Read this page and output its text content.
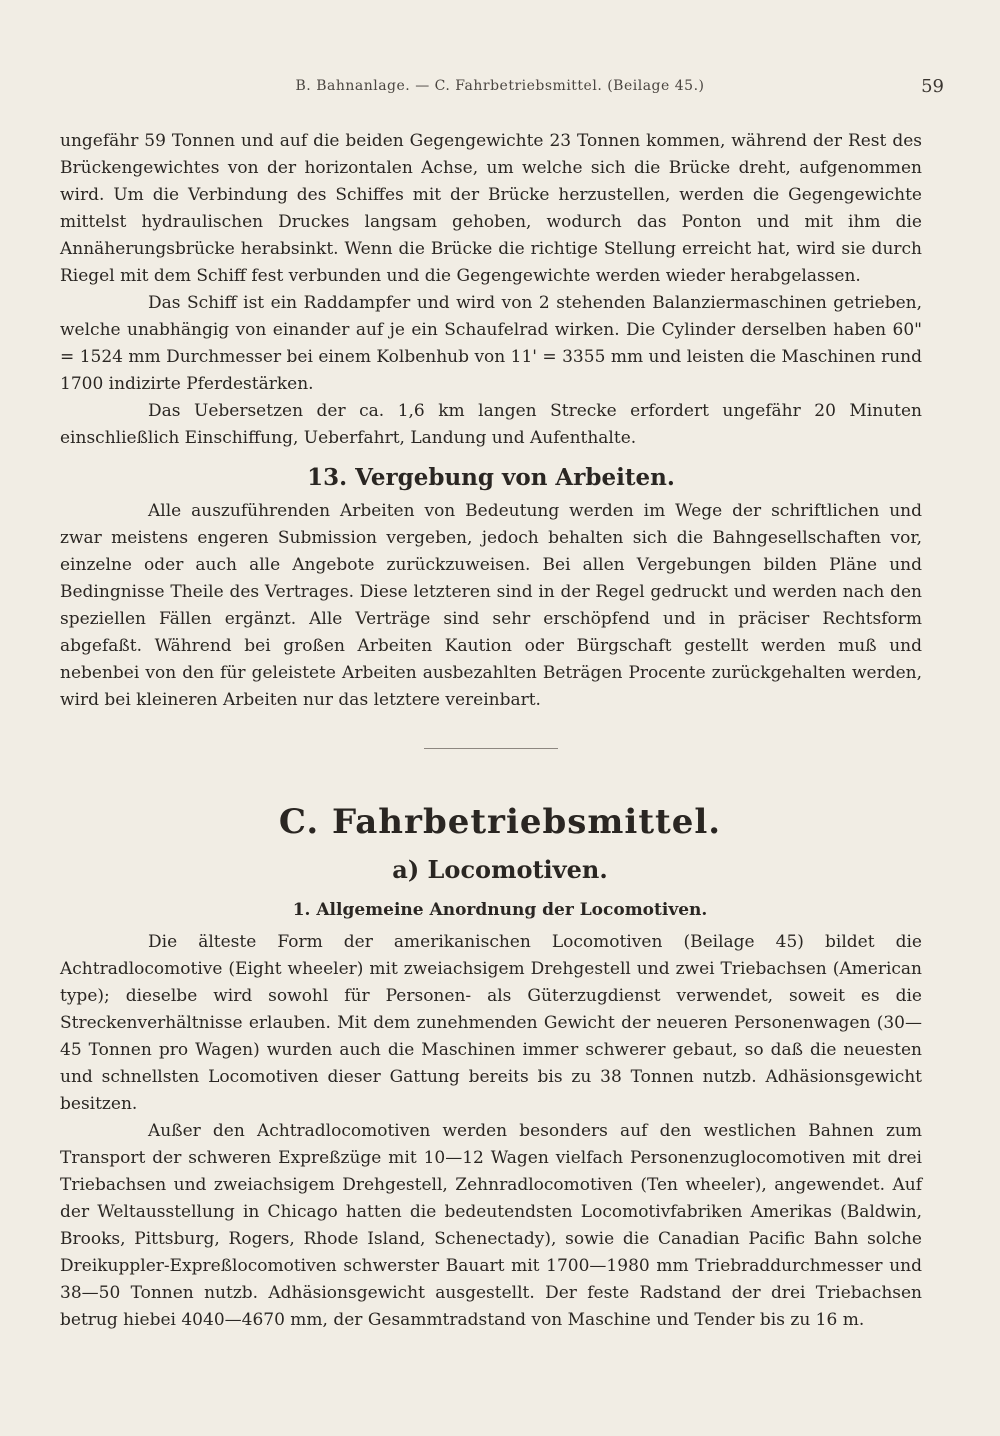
B. Bahnanlage. — C. Fahrbetriebsmittel. (Beilage 45.)	59

ungefähr 59 Tonnen und auf die beiden Gegengewichte 23 Tonnen kommen, während der Rest des Brückengewichtes von der horizontalen Achse, um welche sich die Brücke dreht, aufgenommen wird. Um die Verbindung des Schiffes mit der Brücke herzustellen, werden die Gegengewichte mittelst hydraulischen Druckes langsam gehoben, wodurch das Ponton und mit ihm die Annäherungsbrücke herabsinkt. Wenn die Brücke die richtige Stellung erreicht hat, wird sie durch Riegel mit dem Schiff fest verbunden und die Gegengewichte werden wieder herabgelassen.

Das Schiff ist ein Raddampfer und wird von 2 stehenden Balanziermaschinen getrieben, welche unabhängig von einander auf je ein Schaufelrad wirken. Die Cylinder derselben haben 60" = 1524 mm Durchmesser bei einem Kolbenhub von 11' = 3355 mm und leisten die Maschinen rund 1700 indizirte Pferdestärken.

Das Uebersetzen der ca. 1,6 km langen Strecke erfordert ungefähr 20 Minuten einschließlich Einschiffung, Ueberfahrt, Landung und Aufenthalte.

13. Vergebung von Arbeiten.

Alle auszuführenden Arbeiten von Bedeutung werden im Wege der schriftlichen und zwar meistens engeren Submission vergeben, jedoch behalten sich die Bahngesellschaften vor, einzelne oder auch alle Angebote zurückzuweisen. Bei allen Vergebungen bilden Pläne und Bedingnisse Theile des Vertrages. Diese letzteren sind in der Regel gedruckt und werden nach den speziellen Fällen ergänzt. Alle Verträge sind sehr erschöpfend und in präciser Rechtsform abgefaßt. Während bei großen Arbeiten Kaution oder Bürgschaft gestellt werden muß und nebenbei von den für geleistete Arbeiten ausbezahlten Beträgen Procente zurückgehalten werden, wird bei kleineren Arbeiten nur das letztere vereinbart.

C. Fahrbetriebsmittel.
a) Locomotiven.
1. Allgemeine Anordnung der Locomotiven.

Die älteste Form der amerikanischen Locomotiven (Beilage 45) bildet die Achtradlocomotive (Eight wheeler) mit zweiachsigem Drehgestell und zwei Triebachsen (American type); dieselbe wird sowohl für Personen- als Güterzugdienst verwendet, soweit es die Streckenverhältnisse erlauben. Mit dem zunehmenden Gewicht der neueren Personenwagen (30—45 Tonnen pro Wagen) wurden auch die Maschinen immer schwerer gebaut, so daß die neuesten und schnellsten Locomotiven dieser Gattung bereits bis zu 38 Tonnen nutzb. Adhäsionsgewicht besitzen.

Außer den Achtradlocomotiven werden besonders auf den westlichen Bahnen zum Transport der schweren Expreßzüge mit 10—12 Wagen vielfach Personenzuglocomotiven mit drei Triebachsen und zweiachsigem Drehgestell, Zehnradlocomotiven (Ten wheeler), angewendet. Auf der Weltausstellung in Chicago hatten die bedeutendsten Locomotivfabriken Amerikas (Baldwin, Brooks, Pittsburg, Rogers, Rhode Island, Schenectady), sowie die Canadian Pacific Bahn solche Dreikuppler-Expreßlocomotiven schwerster Bauart mit 1700—1980 mm Triebraddurchmesser und 38—50 Tonnen nutzb. Adhäsionsgewicht ausgestellt. Der feste Radstand der drei Triebachsen betrug hiebei 4040—4670 mm, der Gesammtradstand von Maschine und Tender bis zu 16 m.
